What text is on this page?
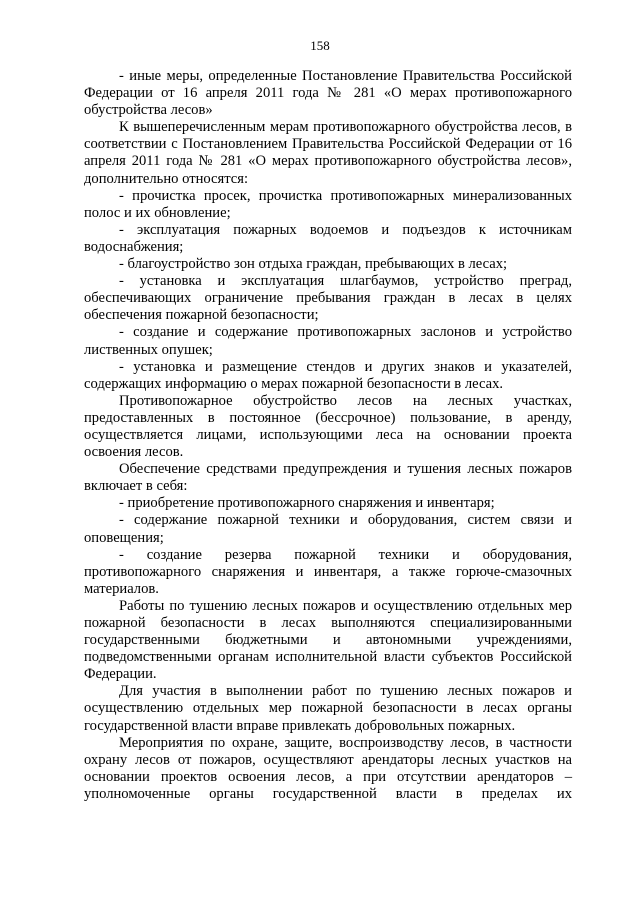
158

- иные меры, определенные Постановление Правительства Российской Федерации от 16 апреля 2011 года № 281 «О мерах противопожарного обустройства лесов»

К вышеперечисленным мерам противопожарного обустройства лесов, в соответствии с Постановлением Правительства Российской Федерации от 16 апреля 2011 года № 281 «О мерах противопожарного обустройства лесов», дополнительно относятся:

- прочистка просек, прочистка противопожарных минерализованных полос и их обновление;

- эксплуатация пожарных водоемов и подъездов к источникам водоснабжения;

- благоустройство зон отдыха граждан, пребывающих в лесах;

- установка и эксплуатация шлагбаумов, устройство преград, обеспечивающих ограничение пребывания граждан в лесах в целях обеспечения пожарной безопасности;

- создание и содержание противопожарных заслонов и устройство лиственных опушек;

- установка и размещение стендов и других знаков и указателей, содержащих информацию о мерах пожарной безопасности в лесах.

Противопожарное обустройство лесов на лесных участках, предоставленных в постоянное (бессрочное) пользование, в аренду, осуществляется лицами, использующими леса на основании проекта освоения лесов.

Обеспечение средствами предупреждения и тушения лесных пожаров включает в себя:

- приобретение противопожарного снаряжения и инвентаря;

- содержание пожарной техники и оборудования, систем связи и оповещения;

- создание резерва пожарной техники и оборудования, противопожарного снаряжения и инвентаря, а также горюче-смазочных материалов.

Работы по тушению лесных пожаров и осуществлению отдельных мер пожарной безопасности в лесах выполняются специализированными государственными бюджетными и автономными учреждениями, подведомственными органам исполнительной власти субъектов Российской Федерации.

Для участия в выполнении работ по тушению лесных пожаров и осуществлению отдельных мер пожарной безопасности в лесах органы государственной власти вправе привлекать добровольных пожарных.

Мероприятия по охране, защите, воспроизводству лесов, в частности охрану лесов от пожаров, осуществляют арендаторы лесных участков на основании проектов освоения лесов, а при отсутствии арендаторов – уполномоченные органы государственной власти в пределах их
